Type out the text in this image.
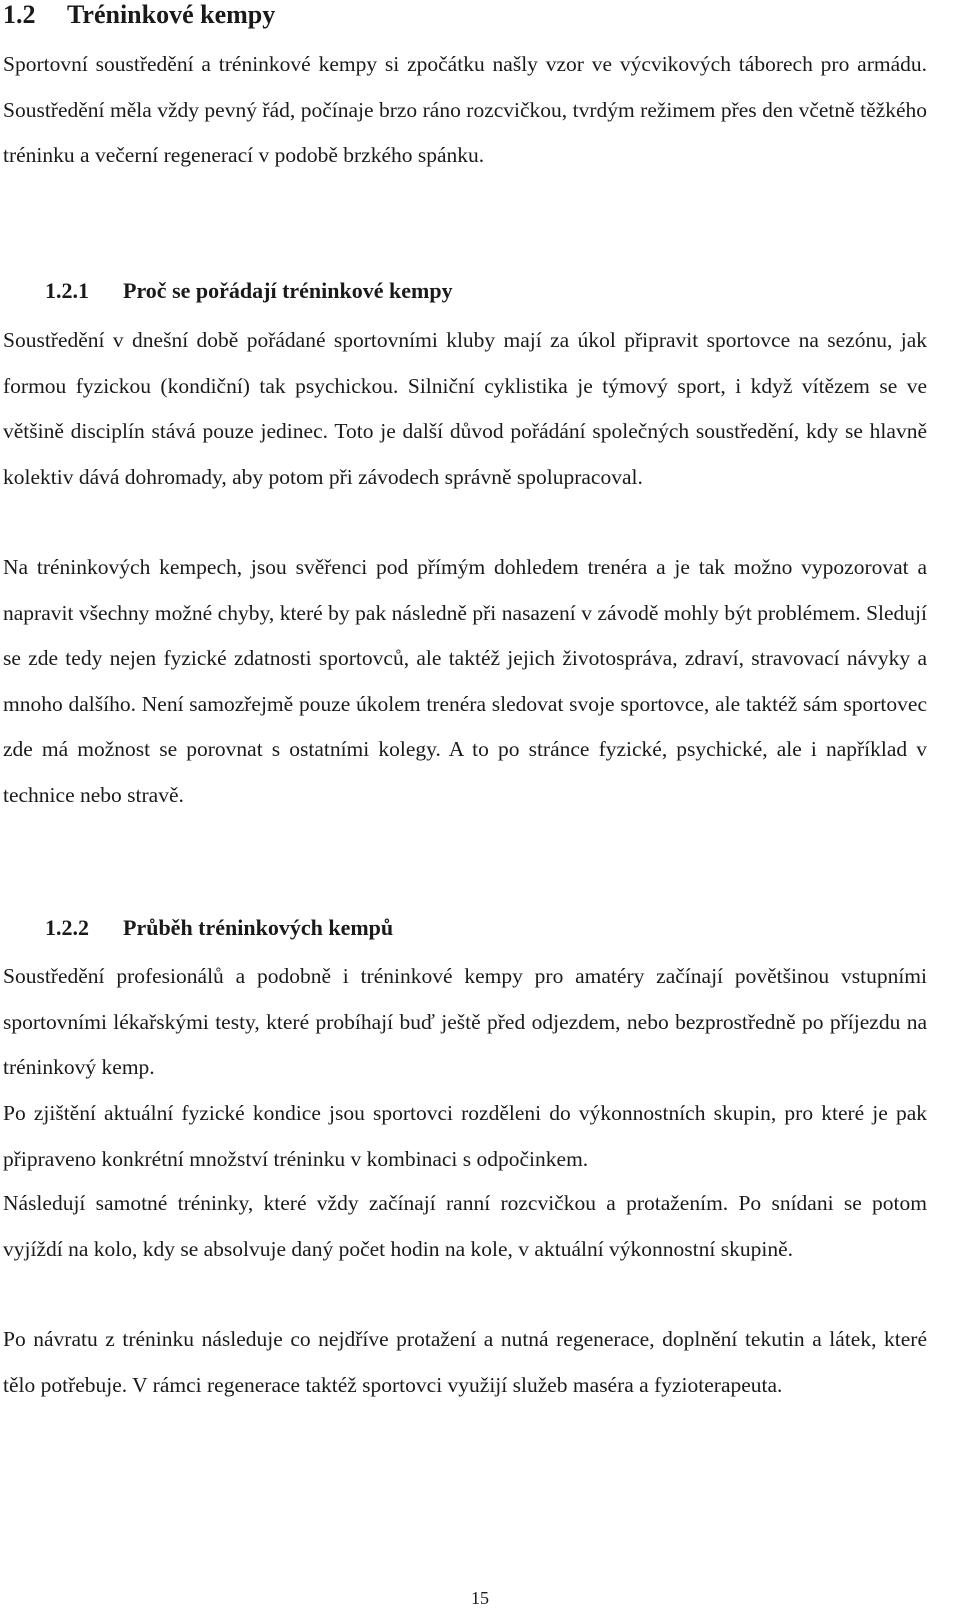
1.2 Tréninkové kempy

Sportovní soustředění a tréninkové kempy si zpočátku našly vzor ve výcvikových táborech pro armádu. Soustředění měla vždy pevný řád, počínaje brzo ráno rozcvičkou, tvrdým režimem přes den včetně těžkého tréninku a večerní regenerací v podobě brzkého spánku.

1.2.1 Proč se pořádají tréninkové kempy

Soustředění v dnešní době pořádané sportovními kluby mají za úkol připravit sportovce na sezónu, jak formou fyzickou (kondiční) tak psychickou. Silniční cyklistika je týmový sport, i když vítězem se ve většině disciplín stává pouze jedinec. Toto je další důvod pořádání společných soustředění, kdy se hlavně kolektiv dává dohromady, aby potom při závodech správně spolupracoval.

Na tréninkových kempech, jsou svěřenci pod přímým dohledem trenéra a je tak možno vypozorovat a napravit všechny možné chyby, které by pak následně při nasazení v závodě mohly být problémem. Sledují se zde tedy nejen fyzické zdatnosti sportovců, ale taktéž jejich životospráva, zdraví, stravovací návyky a mnoho dalšího. Není samozřejmě pouze úkolem trenéra sledovat svoje sportovce, ale taktéž sám sportovec zde má možnost se porovnat s ostatními kolegy. A to po stránce fyzické, psychické, ale i například v technice nebo stravě.

1.2.2 Průběh tréninkových kempů

Soustředění profesionálů a podobně i tréninkové kempy pro amatéry začínají povětšinou vstupními sportovními lékařskými testy, které probíhají buď ještě před odjezdem, nebo bezprostředně po příjezdu na tréninkový kemp.

Po zjištění aktuální fyzické kondice jsou sportovci rozděleni do výkonnostních skupin, pro které je pak připraveno konkrétní množství tréninku v kombinaci s odpočinkem.

Následují samotné tréninky, které vždy začínají ranní rozcvičkou a protažením. Po snídani se potom vyjíždí na kolo, kdy se absolvuje daný počet hodin na kole, v aktuální výkonnostní skupině.

Po návratu z tréninku následuje co nejdříve protažení a nutná regenerace, doplnění tekutin a látek, které tělo potřebuje. V rámci regenerace taktéž sportovci využijí služeb maséra a fyzioterapeuta.

15
